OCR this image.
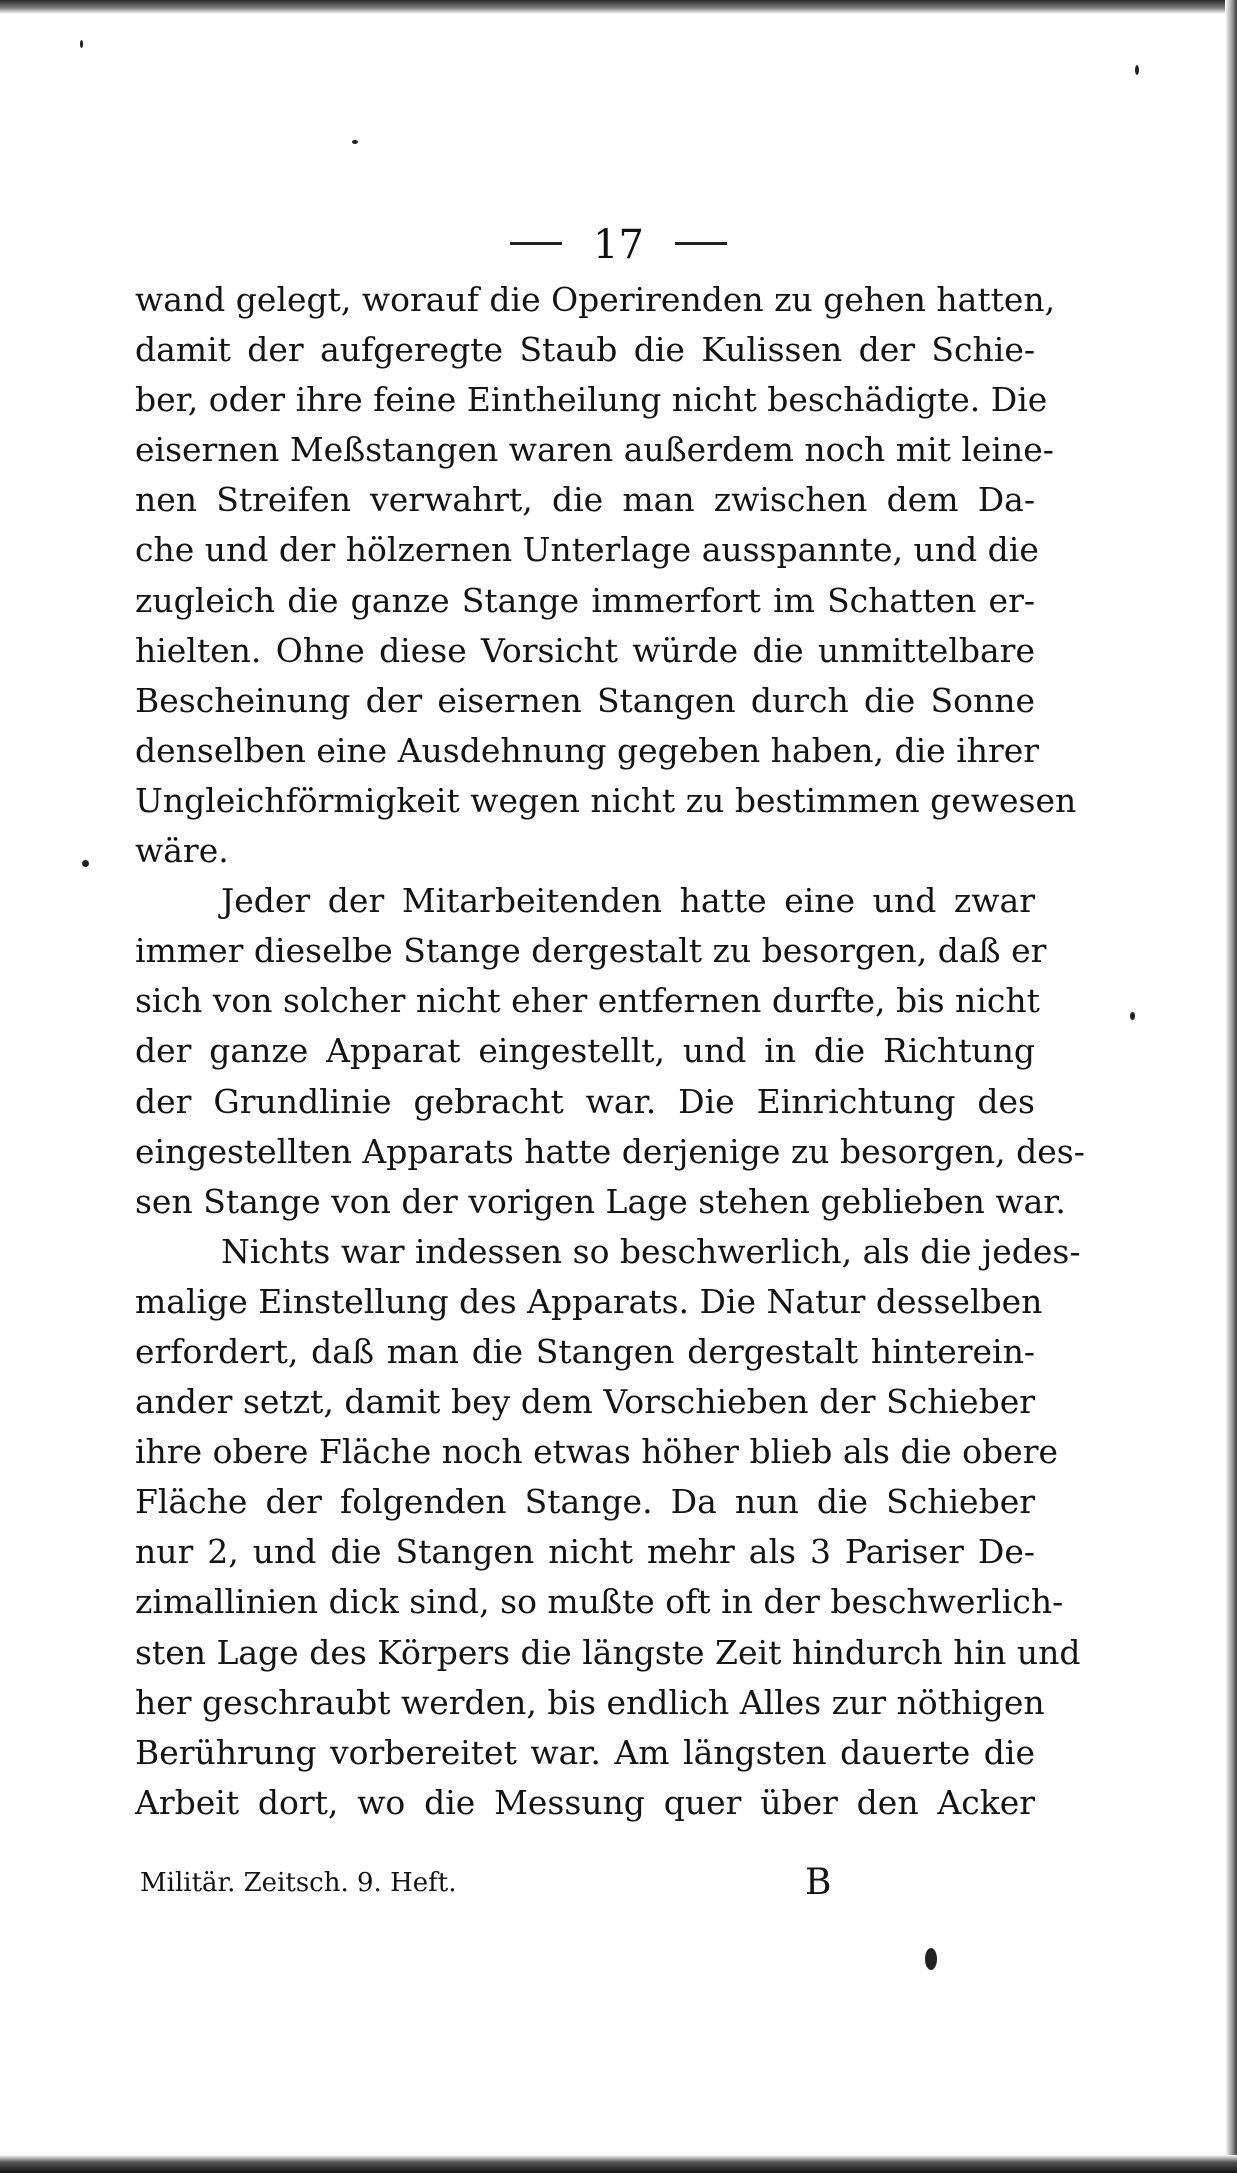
17
wand gelegt, worauf die Operirenden zu gehen hatten,
damit der aufgeregte Staub die Kulissen der Schie-
ber, oder ihre feine Eintheilung nicht beschädigte. Die
eisernen Meßstangen waren außerdem noch mit leine-
nen Streifen verwahrt, die man zwischen dem Da-
che und der hölzernen Unterlage ausspannte, und die
zugleich die ganze Stange immerfort im Schatten er-
hielten. Ohne diese Vorsicht würde die unmittelbare
Bescheinung der eisernen Stangen durch die Sonne
denselben eine Ausdehnung gegeben haben, die ihrer
Ungleichförmigkeit wegen nicht zu bestimmen gewesen
wäre.
Jeder der Mitarbeitenden hatte eine und zwar
immer dieselbe Stange dergestalt zu besorgen, daß er
sich von solcher nicht eher entfernen durfte, bis nicht
der ganze Apparat eingestellt, und in die Richtung
der Grundlinie gebracht war. Die Einrichtung des
eingestellten Apparats hatte derjenige zu besorgen, des-
sen Stange von der vorigen Lage stehen geblieben war.
Nichts war indessen so beschwerlich, als die jedes-
malige Einstellung des Apparats. Die Natur desselben
erfordert, daß man die Stangen dergestalt hinterein-
ander setzt, damit bey dem Vorschieben der Schieber
ihre obere Fläche noch etwas höher blieb als die obere
Fläche der folgenden Stange. Da nun die Schieber
nur 2, und die Stangen nicht mehr als 3 Pariser De-
zimallinien dick sind, so mußte oft in der beschwerlich-
sten Lage des Körpers die längste Zeit hindurch hin und
her geschraubt werden, bis endlich Alles zur nöthigen
Berührung vorbereitet war. Am längsten dauerte die
Arbeit dort, wo die Messung quer über den Acker
Militär. Zeitsch. 9. Heft.	B
